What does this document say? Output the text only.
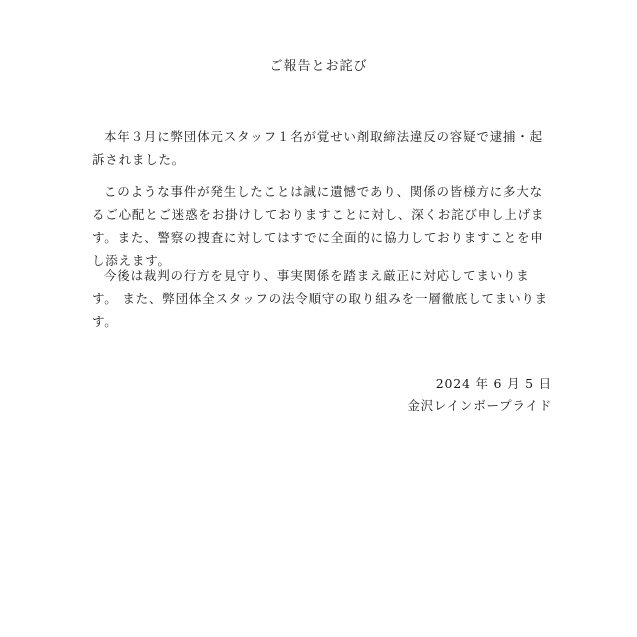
ご報告とお詫び
本年３月に弊団体元スタッフ１名が覚せい剤取締法違反の容疑で逮捕・起訴されました。
このような事件が発生したことは誠に遺憾であり、関係の皆様方に多大なるご心配とご迷惑をお掛けしておりますことに対し、深くお詫び申し上げます。また、警察の捜査に対してはすでに全面的に協力しておりますことを申し添えます。
今後は裁判の行方を見守り、事実関係を踏まえ厳正に対応してまいります。 また、弊団体全スタッフの法令順守の取り組みを一層徹底してまいります。
2024 年 6 月 5 日
金沢レインボープライド
